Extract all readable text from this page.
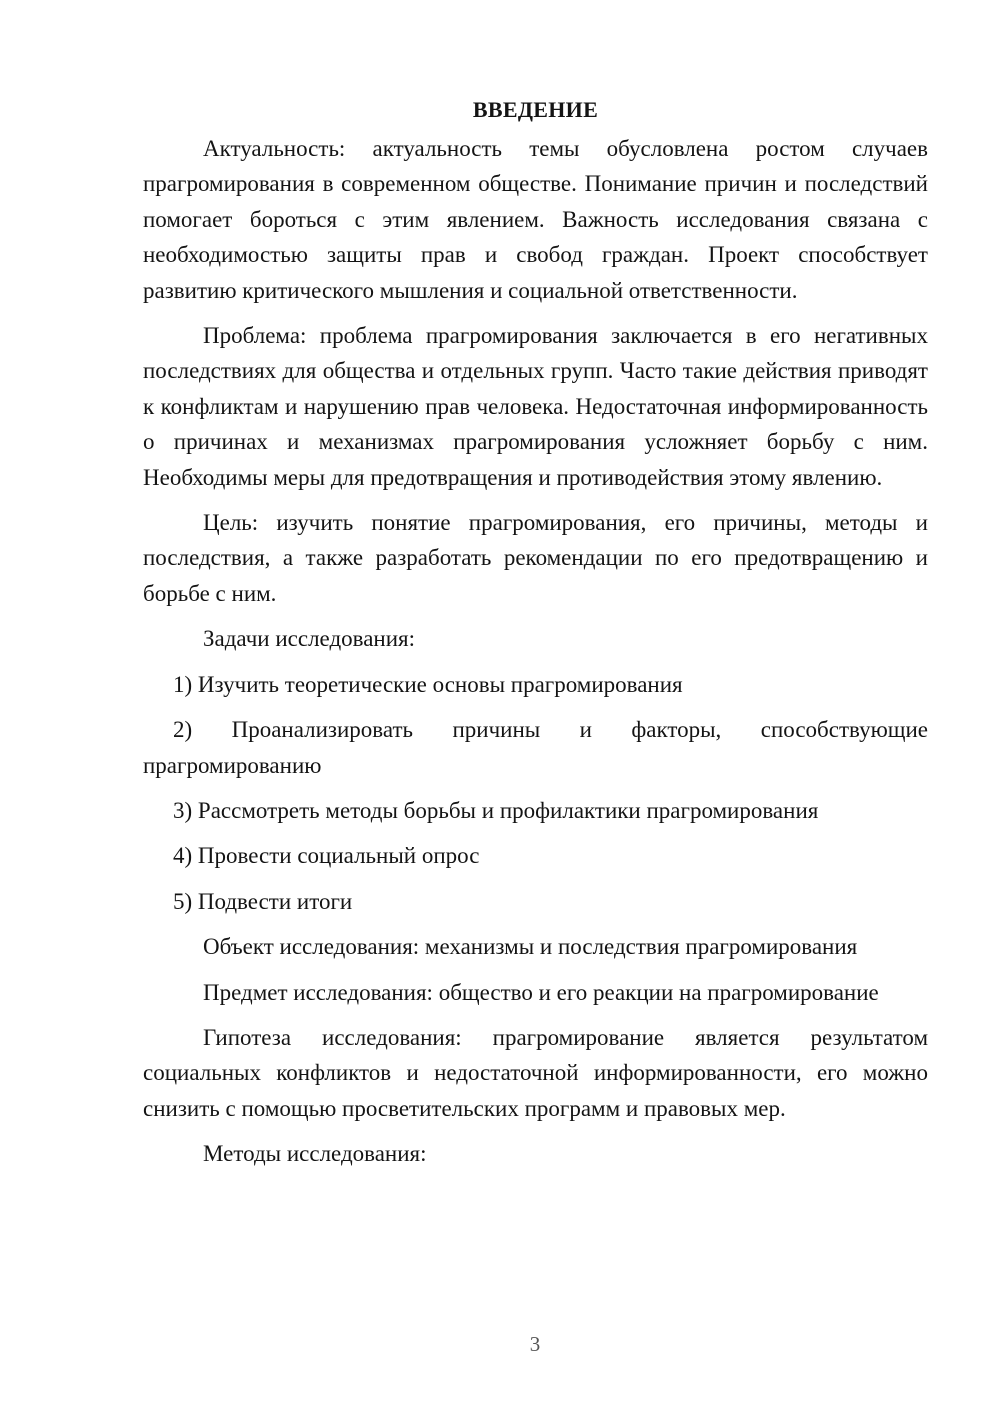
ВВЕДЕНИЕ

Актуальность: актуальность темы обусловлена ростом случаев прагромирования в современном обществе. Понимание причин и последствий помогает бороться с этим явлением. Важность исследования связана с необходимостью защиты прав и свобод граждан. Проект способствует развитию критического мышления и социальной ответственности.

Проблема: проблема прагромирования заключается в его негативных последствиях для общества и отдельных групп. Часто такие действия приводят к конфликтам и нарушению прав человека. Недостаточная информированность о причинах и механизмах прагромирования усложняет борьбу с ним. Необходимы меры для предотвращения и противодействия этому явлению.

Цель: изучить понятие прагромирования, его причины, методы и последствия, а также разработать рекомендации по его предотвращению и борьбе с ним.

Задачи исследования:

1) Изучить теоретические основы прагромирования

2) Проанализировать причины и факторы, способствующие прагромированию

3) Рассмотреть методы борьбы и профилактики прагромирования

4) Провести социальный опрос

5) Подвести итоги

Объект исследования: механизмы и последствия прагромирования

Предмет исследования: общество и его реакции на прагромирование

Гипотеза исследования: прагромирование является результатом социальных конфликтов и недостаточной информированности, его можно снизить с помощью просветительских программ и правовых мер.

Методы исследования:

3
